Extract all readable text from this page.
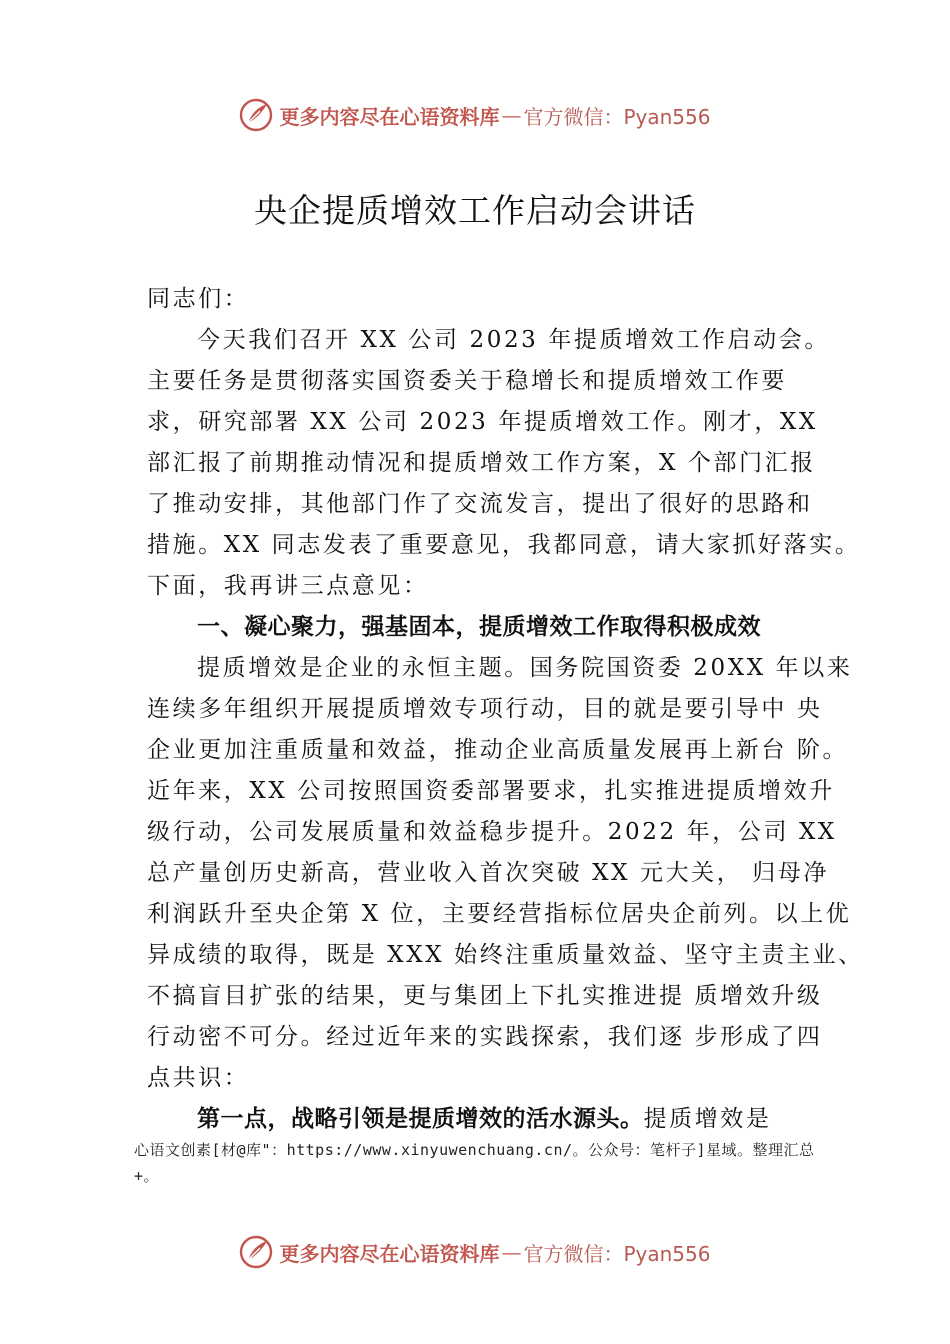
更多内容尽在心语资料库 — 官方微信：Pyan556
央企提质增效工作启动会讲话
同志们：
今天我们召开 XX 公司 2023 年提质增效工作启动会。
主要任务是贯彻落实国资委关于稳增长和提质增效工作要
求，研究部署 XX 公司 2023 年提质增效工作。刚才，XX
部汇报了前期推动情况和提质增效工作方案，X 个部门汇报
了推动安排，其他部门作了交流发言，提出了很好的思路和
措施。XX 同志发表了重要意见，我都同意，请大家抓好落实。
下面，我再讲三点意见：
一、凝心聚力，强基固本，提质增效工作取得积极成效
提质增效是企业的永恒主题。国务院国资委 20XX 年以来
连续多年组织开展提质增效专项行动，目的就是要引导中 央
企业更加注重质量和效益，推动企业高质量发展再上新台 阶。
近年来，XX 公司按照国资委部署要求，扎实推进提质增效升
级行动，公司发展质量和效益稳步提升。2022 年，公司 XX
总产量创历史新高，营业收入首次突破 XX 元大关， 归母净
利润跃升至央企第 X 位，主要经营指标位居央企前列。以上优
异成绩的取得，既是 XXX 始终注重质量效益、坚守主责主业、
不搞盲目扩张的结果，更与集团上下扎实推进提 质增效升级
行动密不可分。经过近年来的实践探索，我们逐 步形成了四
点共识：
第一点，战略引领是提质增效的活水源头。提质增效是
心语文创素[材@库"：https://www.xinyuwenchuang.cn/。公众号：笔杆子]星域。整理汇总
+。
更多内容尽在心语资料库 — 官方微信：Pyan556
